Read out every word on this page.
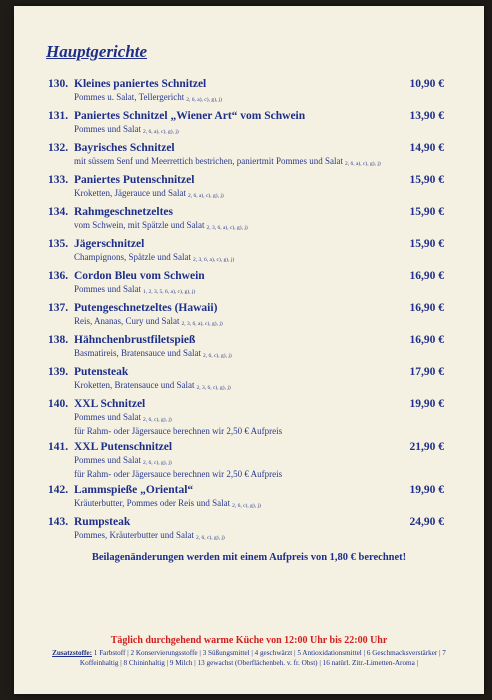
Hauptgerichte
130. Kleines paniertes Schnitzel	10,90 €
Pommes u. Salat, Tellergericht $_{2, 6, a), c), g), j)}$
131. Paniertes Schnitzel „Wiener Art“ vom Schwein	13,90 €
Pommes und Salat $_{2, 6, a), c), g), j)}$
132. Bayrisches Schnitzel	14,90 €
mit süssem Senf und Meerrettich bestrichen, paniertmit Pommes und Salat $_{2, 6, a), c), g), j)}$
133. Paniertes Putenschnitzel	15,90 €
Kroketten, Jägerauce und Salat $_{2, 6, a), c), g), j)}$
134. Rahmgeschnetzeltes	15,90 €
vom Schwein, mit Spätzle und Salat $_{2, 3, 6, a), c), g), j)}$
135. Jägerschnitzel	15,90 €
Champignons, Spätzle und Salat $_{2, 3, 6, a), c), g), j)}$
136. Cordon Bleu vom Schwein	16,90 €
Pommes und Salat $_{1, 2, 3, 5, 6, a), c), g), j)}$
137. Putengeschnetzeltes (Hawaii)	16,90 €
Reis, Ananas, Cury und Salat $_{2, 3, 6, a), c), g), j)}$
138. Hähnchenbrustfiletspieß	16,90 €
Basmatireis, Bratensauce und Salat $_{2, 6, c), g), j)}$
139. Putensteak	17,90 €
Kroketten, Bratensauce und Salat $_{2, 3, 6, c), g), j)}$
140. XXL Schnitzel	19,90 €
Pommes und Salat $_{2, 6, c), g), j)}$
für Rahm- oder Jägersauce berechnen wir 2,50 € Aufpreis
141. XXL Putenschnitzel	21,90 €
Pommes und Salat $_{2, 6, c), g), j)}$
für Rahm- oder Jägersauce berechnen wir 2,50 € Aufpreis
142. Lammspieße „Oriental“	19,90 €
Kräuterbutter, Pommes oder Reis und Salat $_{2, 6, c), g), j)}$
143. Rumpsteak	24,90 €
Pommes, Kräuterbutter und Salat $_{2, 6, c), g), j)}$
Beilagenänderungen werden mit einem Aufpreis von 1,80 € berechnet!
Täglich durchgehend warme Küche von 12:00 Uhr bis 22:00 Uhr
Zusatzstoffe: 1 Farbstoff | 2 Konservierungsstoffe | 3 Süßungsmittel | 4 geschwärzt | 5 Antioxidationsmittel | 6 Geschmacksverstärker | 7 Koffeinhaltig | 8 Chininhaltig | 9 Milch | 13 gewachst (Oberflächenbeh. v. fr. Obst) | 16 natürl. Zitr.-Limetten-Aroma |
